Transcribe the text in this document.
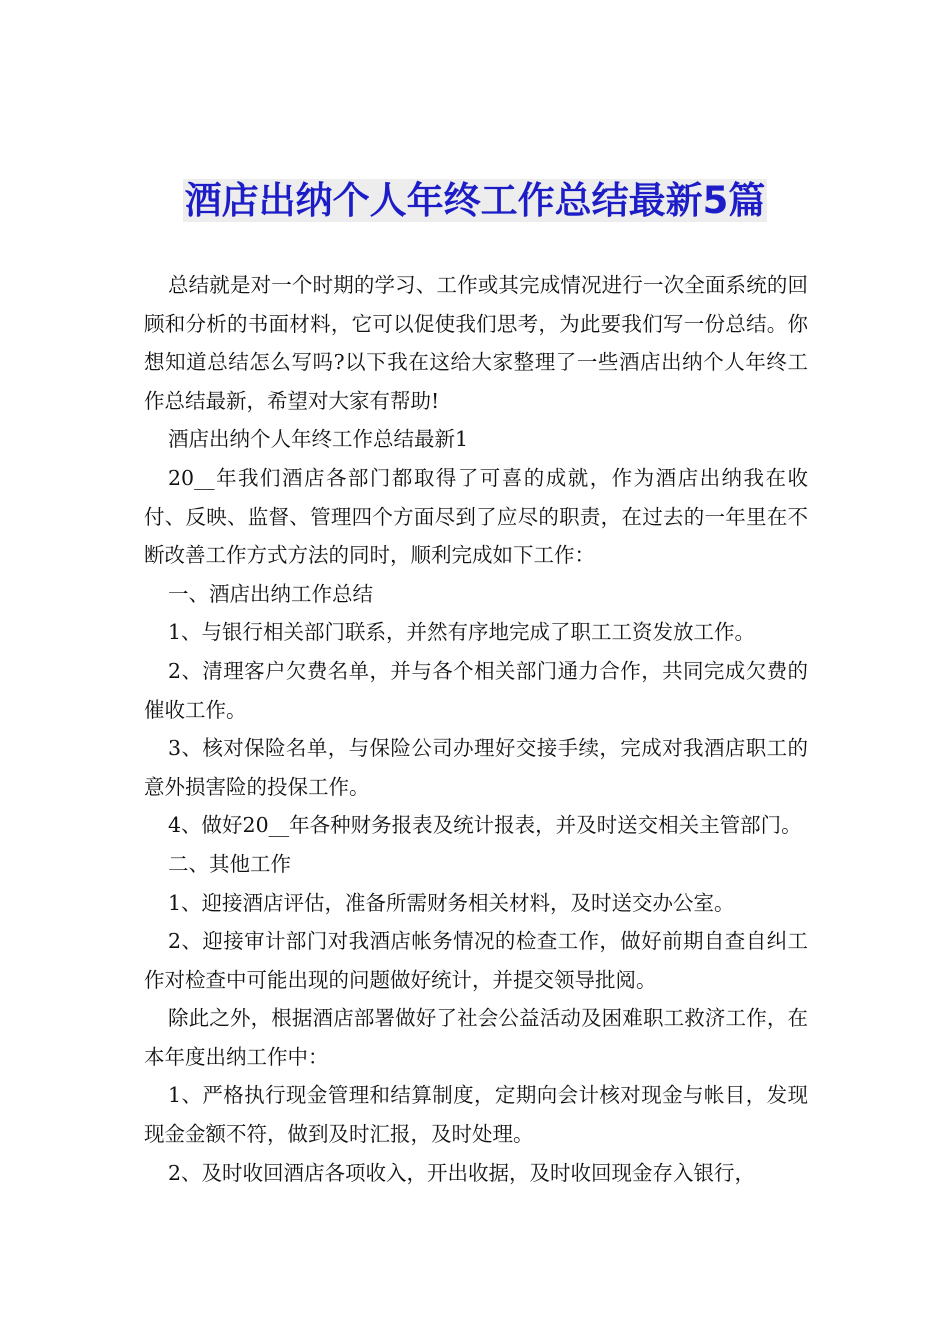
酒店出纳个人年终工作总结最新5篇

总结就是对一个时期的学习、工作或其完成情况进行一次全面系统的回顾和分析的书面材料，它可以促使我们思考，为此要我们写一份总结。你想知道总结怎么写吗?以下我在这给大家整理了一些酒店出纳个人年终工作总结最新，希望对大家有帮助!

酒店出纳个人年终工作总结最新1

20__年我们酒店各部门都取得了可喜的成就，作为酒店出纳我在收付、反映、监督、管理四个方面尽到了应尽的职责，在过去的一年里在不断改善工作方式方法的同时，顺利完成如下工作：

一、酒店出纳工作总结

1、与银行相关部门联系，并然有序地完成了职工工资发放工作。

2、清理客户欠费名单，并与各个相关部门通力合作，共同完成欠费的催收工作。

3、核对保险名单，与保险公司办理好交接手续，完成对我酒店职工的意外损害险的投保工作。

4、做好20__年各种财务报表及统计报表，并及时送交相关主管部门。

二、其他工作

1、迎接酒店评估，准备所需财务相关材料，及时送交办公室。

2、迎接审计部门对我酒店帐务情况的检查工作，做好前期自查自纠工作对检查中可能出现的问题做好统计，并提交领导批阅。

除此之外，根据酒店部署做好了社会公益活动及困难职工救济工作，在本年度出纳工作中：

1、严格执行现金管理和结算制度，定期向会计核对现金与帐目，发现现金金额不符，做到及时汇报，及时处理。

2、及时收回酒店各项收入，开出收据，及时收回现金存入银行，
